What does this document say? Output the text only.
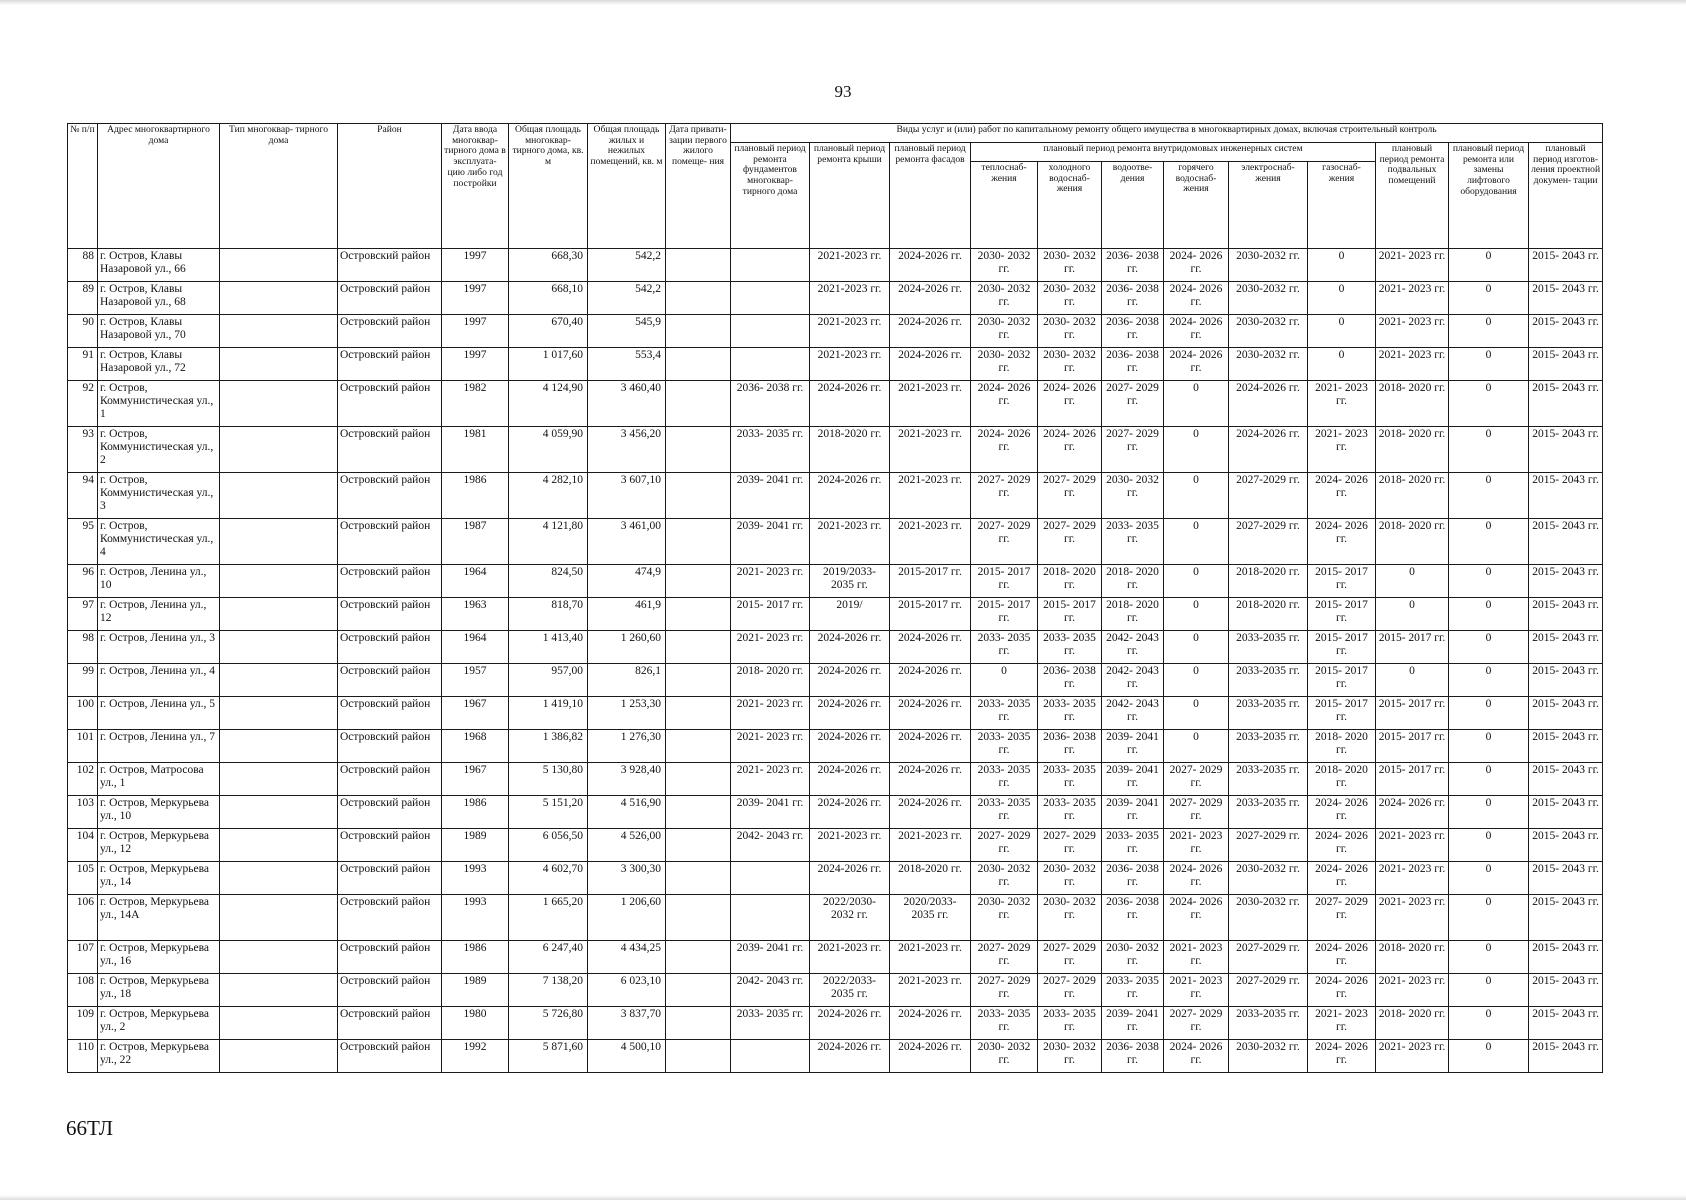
93
№ п/п	Адрес многоквартирного дома	Тип многоквар- тирного дома	Район	Дата ввода многоквар- тирного дома в эксплуата- цию либо год постройки	Общая площадь многоквар- тирного дома, кв. м	Общая площадь жилых и нежилых помещений, кв. м	Дата привати- зации первого жилого помеще- ния	Виды услуг и (или) работ по капитальному ремонту общего имущества в многоквартирных домах, включая строительный контроль											
								плановый период ремонта фундаментов многоквар- тирного дома	плановый период ремонта крыши	плановый период ремонта фасадов	плановый период ремонта внутридомовых инженерных систем						плановый период ремонта подвальных помещений	плановый период ремонта или замены лифтового оборудования	плановый период изготов- ления проектной докумен- тации
											теплоснаб- жения	холодного водоснаб- жения	водоотве- дения	горячего водоснаб- жения	электроснаб- жения	газоснаб- жения			
88	г. Остров, Клавы Назаровой ул., 66		Островский район	1997	668,30	542,2			2021-2023 гг.	2024-2026 гг.	2030- 2032 гг.	2030- 2032 гг.	2036- 2038 гг.	2024- 2026 гг.	2030-2032 гг.	0	2021- 2023 гг.	0	2015- 2043 гг.
89	г. Остров, Клавы Назаровой ул., 68		Островский район	1997	668,10	542,2			2021-2023 гг.	2024-2026 гг.	2030- 2032 гг.	2030- 2032 гг.	2036- 2038 гг.	2024- 2026 гг.	2030-2032 гг.	0	2021- 2023 гг.	0	2015- 2043 гг.
90	г. Остров, Клавы Назаровой ул., 70		Островский район	1997	670,40	545,9			2021-2023 гг.	2024-2026 гг.	2030- 2032 гг.	2030- 2032 гг.	2036- 2038 гг.	2024- 2026 гг.	2030-2032 гг.	0	2021- 2023 гг.	0	2015- 2043 гг.
91	г. Остров, Клавы Назаровой ул., 72		Островский район	1997	1 017,60	553,4			2021-2023 гг.	2024-2026 гг.	2030- 2032 гг.	2030- 2032 гг.	2036- 2038 гг.	2024- 2026 гг.	2030-2032 гг.	0	2021- 2023 гг.	0	2015- 2043 гг.
92	г. Остров, Коммунистическая ул., 1		Островский район	1982	4 124,90	3 460,40		2036- 2038 гг.	2024-2026 гг.	2021-2023 гг.	2024- 2026 гг.	2024- 2026 гг.	2027- 2029 гг.	0	2024-2026 гг.	2021- 2023 гг.	2018- 2020 гг.	0	2015- 2043 гг.
93	г. Остров, Коммунистическая ул., 2		Островский район	1981	4 059,90	3 456,20		2033- 2035 гг.	2018-2020 гг.	2021-2023 гг.	2024- 2026 гг.	2024- 2026 гг.	2027- 2029 гг.	0	2024-2026 гг.	2021- 2023 гг.	2018- 2020 гг.	0	2015- 2043 гг.
94	г. Остров, Коммунистическая ул., 3		Островский район	1986	4 282,10	3 607,10		2039- 2041 гг.	2024-2026 гг.	2021-2023 гг.	2027- 2029 гг.	2027- 2029 гг.	2030- 2032 гг.	0	2027-2029 гг.	2024- 2026 гг.	2018- 2020 гг.	0	2015- 2043 гг.
95	г. Остров, Коммунистическая ул., 4		Островский район	1987	4 121,80	3 461,00		2039- 2041 гг.	2021-2023 гг.	2021-2023 гг.	2027- 2029 гг.	2027- 2029 гг.	2033- 2035 гг.	0	2027-2029 гг.	2024- 2026 гг.	2018- 2020 гг.	0	2015- 2043 гг.
96	г. Остров, Ленина ул., 10		Островский район	1964	824,50	474,9		2021- 2023 гг.	2019/2033- 2035 гг.	2015-2017 гг.	2015- 2017 гг.	2018- 2020 гг.	2018- 2020 гг.	0	2018-2020 гг.	2015- 2017 гг.	0	0	2015- 2043 гг.
97	г. Остров, Ленина ул., 12		Островский район	1963	818,70	461,9		2015- 2017 гг.	2019/	2015-2017 гг.	2015- 2017 гг.	2015- 2017 гг.	2018- 2020 гг.	0	2018-2020 гг.	2015- 2017 гг.	0	0	2015- 2043 гг.
98	г. Остров, Ленина ул., 3		Островский район	1964	1 413,40	1 260,60		2021- 2023 гг.	2024-2026 гг.	2024-2026 гг.	2033- 2035 гг.	2033- 2035 гг.	2042- 2043 гг.	0	2033-2035 гг.	2015- 2017 гг.	2015- 2017 гг.	0	2015- 2043 гг.
99	г. Остров, Ленина ул., 4		Островский район	1957	957,00	826,1		2018- 2020 гг.	2024-2026 гг.	2024-2026 гг.	0	2036- 2038 гг.	2042- 2043 гг.	0	2033-2035 гг.	2015- 2017 гг.	0	0	2015- 2043 гг.
100	г. Остров, Ленина ул., 5		Островский район	1967	1 419,10	1 253,30		2021- 2023 гг.	2024-2026 гг.	2024-2026 гг.	2033- 2035 гг.	2033- 2035 гг.	2042- 2043 гг.	0	2033-2035 гг.	2015- 2017 гг.	2015- 2017 гг.	0	2015- 2043 гг.
101	г. Остров, Ленина ул., 7		Островский район	1968	1 386,82	1 276,30		2021- 2023 гг.	2024-2026 гг.	2024-2026 гг.	2033- 2035 гг.	2036- 2038 гг.	2039- 2041 гг.	0	2033-2035 гг.	2018- 2020 гг.	2015- 2017 гг.	0	2015- 2043 гг.
102	г. Остров, Матросова ул., 1		Островский район	1967	5 130,80	3 928,40		2021- 2023 гг.	2024-2026 гг.	2024-2026 гг.	2033- 2035 гг.	2033- 2035 гг.	2039- 2041 гг.	2027- 2029 гг.	2033-2035 гг.	2018- 2020 гг.	2015- 2017 гг.	0	2015- 2043 гг.
103	г. Остров, Меркурьева ул., 10		Островский район	1986	5 151,20	4 516,90		2039- 2041 гг.	2024-2026 гг.	2024-2026 гг.	2033- 2035 гг.	2033- 2035 гг.	2039- 2041 гг.	2027- 2029 гг.	2033-2035 гг.	2024- 2026 гг.	2024- 2026 гг.	0	2015- 2043 гг.
104	г. Остров, Меркурьева ул., 12		Островский район	1989	6 056,50	4 526,00		2042- 2043 гг.	2021-2023 гг.	2021-2023 гг.	2027- 2029 гг.	2027- 2029 гг.	2033- 2035 гг.	2021- 2023 гг.	2027-2029 гг.	2024- 2026 гг.	2021- 2023 гг.	0	2015- 2043 гг.
105	г. Остров, Меркурьева ул., 14		Островский район	1993	4 602,70	3 300,30			2024-2026 гг.	2018-2020 гг.	2030- 2032 гг.	2030- 2032 гг.	2036- 2038 гг.	2024- 2026 гг.	2030-2032 гг.	2024- 2026 гг.	2021- 2023 гг.	0	2015- 2043 гг.
106	г. Остров, Меркурьева ул., 14А		Островский район	1993	1 665,20	1 206,60			2022/2030- 2032 гг.	2020/2033- 2035 гг.	2030- 2032 гг.	2030- 2032 гг.	2036- 2038 гг.	2024- 2026 гг.	2030-2032 гг.	2027- 2029 гг.	2021- 2023 гг.	0	2015- 2043 гг.
107	г. Остров, Меркурьева ул., 16		Островский район	1986	6 247,40	4 434,25		2039- 2041 гг.	2021-2023 гг.	2021-2023 гг.	2027- 2029 гг.	2027- 2029 гг.	2030- 2032 гг.	2021- 2023 гг.	2027-2029 гг.	2024- 2026 гг.	2018- 2020 гг.	0	2015- 2043 гг.
108	г. Остров, Меркурьева ул., 18		Островский район	1989	7 138,20	6 023,10		2042- 2043 гг.	2022/2033- 2035 гг.	2021-2023 гг.	2027- 2029 гг.	2027- 2029 гг.	2033- 2035 гг.	2021- 2023 гг.	2027-2029 гг.	2024- 2026 гг.	2021- 2023 гг.	0	2015- 2043 гг.
109	г. Остров, Меркурьева ул., 2		Островский район	1980	5 726,80	3 837,70		2033- 2035 гг.	2024-2026 гг.	2024-2026 гг.	2033- 2035 гг.	2033- 2035 гг.	2039- 2041 гг.	2027- 2029 гг.	2033-2035 гг.	2021- 2023 гг.	2018- 2020 гг.	0	2015- 2043 гг.
110	г. Остров, Меркурьева ул., 22		Островский район	1992	5 871,60	4 500,10			2024-2026 гг.	2024-2026 гг.	2030- 2032 гг.	2030- 2032 гг.	2036- 2038 гг.	2024- 2026 гг.	2030-2032 гг.	2024- 2026 гг.	2021- 2023 гг.	0	2015- 2043 гг.
66ТЛ
